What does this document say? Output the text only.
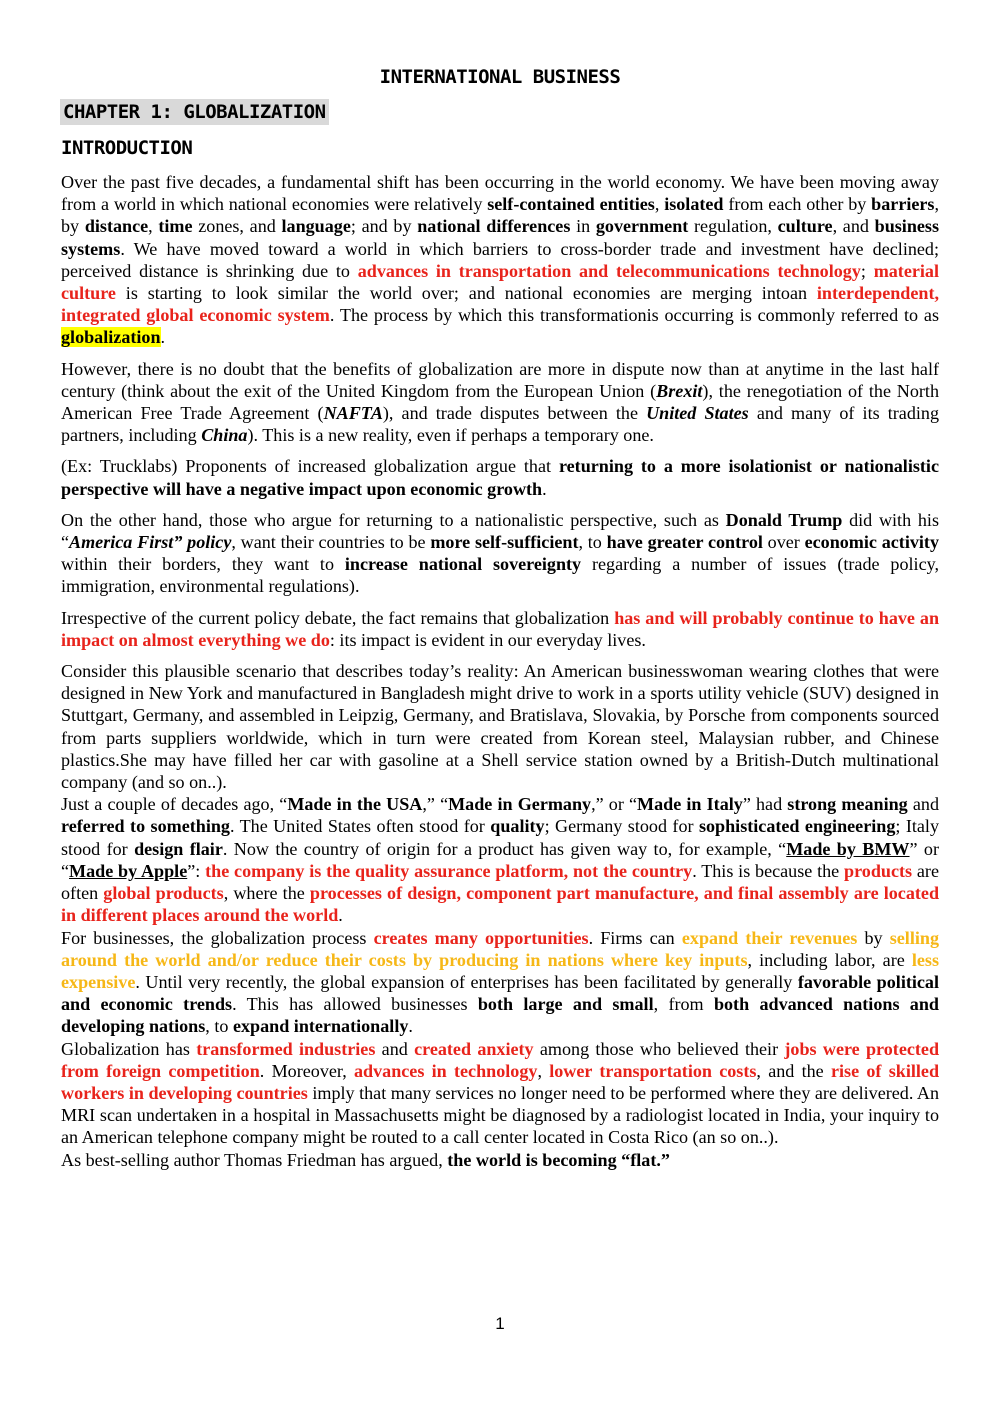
INTERNATIONAL BUSINESS
CHAPTER 1: GLOBALIZATION
INTRODUCTION

Over the past five decades, a fundamental shift has been occurring in the world economy. We have been moving away from a world in which national economies were relatively self-contained entities, isolated from each other by barriers, by distance, time zones, and language; and by national differences in government regulation, culture, and business systems. We have moved toward a world in which barriers to cross-border trade and investment have declined; perceived distance is shrinking due to advances in transportation and telecommunications technology; material culture is starting to look similar the world over; and national economies are merging intoan interdependent, integrated global economic system. The process by which this transformationis occurring is commonly referred to as globalization.

However, there is no doubt that the benefits of globalization are more in dispute now than at anytime in the last half century (think about the exit of the United Kingdom from the European Union (Brexit), the renegotiation of the North American Free Trade Agreement (NAFTA), and trade disputes between the United States and many of its trading partners, including China). This is a new reality, even if perhaps a temporary one.

(Ex: Trucklabs) Proponents of increased globalization argue that returning to a more isolationist or nationalistic perspective will have a negative impact upon economic growth.

On the other hand, those who argue for returning to a nationalistic perspective, such as Donald Trump did with his “America First” policy, want their countries to be more self-sufficient, to have greater control over economic activity within their borders, they want to increase national sovereignty regarding a number of issues (trade policy, immigration, environmental regulations).

Irrespective of the current policy debate, the fact remains that globalization has and will probably continue to have an impact on almost everything we do: its impact is evident in our everyday lives.

Consider this plausible scenario that describes today’s reality: An American businesswoman wearing clothes that were designed in New York and manufactured in Bangladesh might drive to work in a sports utility vehicle (SUV) designed in Stuttgart, Germany, and assembled in Leipzig, Germany, and Bratislava, Slovakia, by Porsche from components sourced from parts suppliers worldwide, which in turn were created from Korean steel, Malaysian rubber, and Chinese plastics.She may have filled her car with gasoline at a Shell service station owned by a British-Dutch multinational company (and so on..).

Just a couple of decades ago, “Made in the USA,” “Made in Germany,” or “Made in Italy” had strong meaning and referred to something. The United States often stood for quality; Germany stood for sophisticated engineering; Italy stood for design flair. Now the country of origin for a product has given way to, for example, “Made by BMW” or “Made by Apple”: the company is the quality assurance platform, not the country. This is because the products are often global products, where the processes of design, component part manufacture, and final assembly are located in different places around the world.

For businesses, the globalization process creates many opportunities. Firms can expand their revenues by selling around the world and/or reduce their costs by producing in nations where key inputs, including labor, are less expensive. Until very recently, the global expansion of enterprises has been facilitated by generally favorable political and economic trends. This has allowed businesses both large and small, from both advanced nations and developing nations, to expand internationally.

Globalization has transformed industries and created anxiety among those who believed their jobs were protected from foreign competition. Moreover, advances in technology, lower transportation costs, and the rise of skilled workers in developing countries imply that many services no longer need to be performed where they are delivered. An MRI scan undertaken in a hospital in Massachusetts might be diagnosed by a radiologist located in India, your inquiry to an American telephone company might be routed to a call center located in Costa Rico (an so on..).

As best-selling author Thomas Friedman has argued, the world is becoming “flat.”

1
